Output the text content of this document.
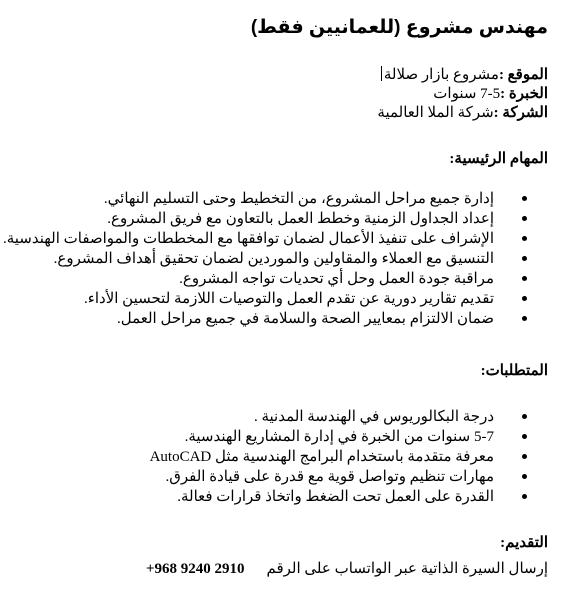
مهندس مشروع (للعمانيين فقط)

الموقع :مشروع بازار صلالة

الخبرة :5-7 سنوات

الشركة :شركة الملا العالمية

المهام الرئيسية:

إدارة جميع مراحل المشروع، من التخطيط وحتى التسليم النهائي.
إعداد الجداول الزمنية وخطط العمل بالتعاون مع فريق المشروع.
الإشراف على تنفيذ الأعمال لضمان توافقها مع المخططات والمواصفات الهندسية.
التنسيق مع العملاء والمقاولين والموردين لضمان تحقيق أهداف المشروع.
مراقبة جودة العمل وحل أي تحديات تواجه المشروع.
تقديم تقارير دورية عن تقدم العمل والتوصيات اللازمة لتحسين الأداء.
ضمان الالتزام بمعايير الصحة والسلامة في جميع مراحل العمل.

المتطلبات:

درجة البكالوريوس في الهندسة المدنية .
5-7 سنوات من الخبرة في إدارة المشاريع الهندسية.
معرفة متقدمة باستخدام البرامج الهندسية مثل AutoCAD
مهارات تنظيم وتواصل قوية مع قدرة على قيادة الفرق.
القدرة على العمل تحت الضغط واتخاذ قرارات فعالة.

التقديم:

إرسال السيرة الذاتية عبر الواتساب على الرقم+968 9240 2910
